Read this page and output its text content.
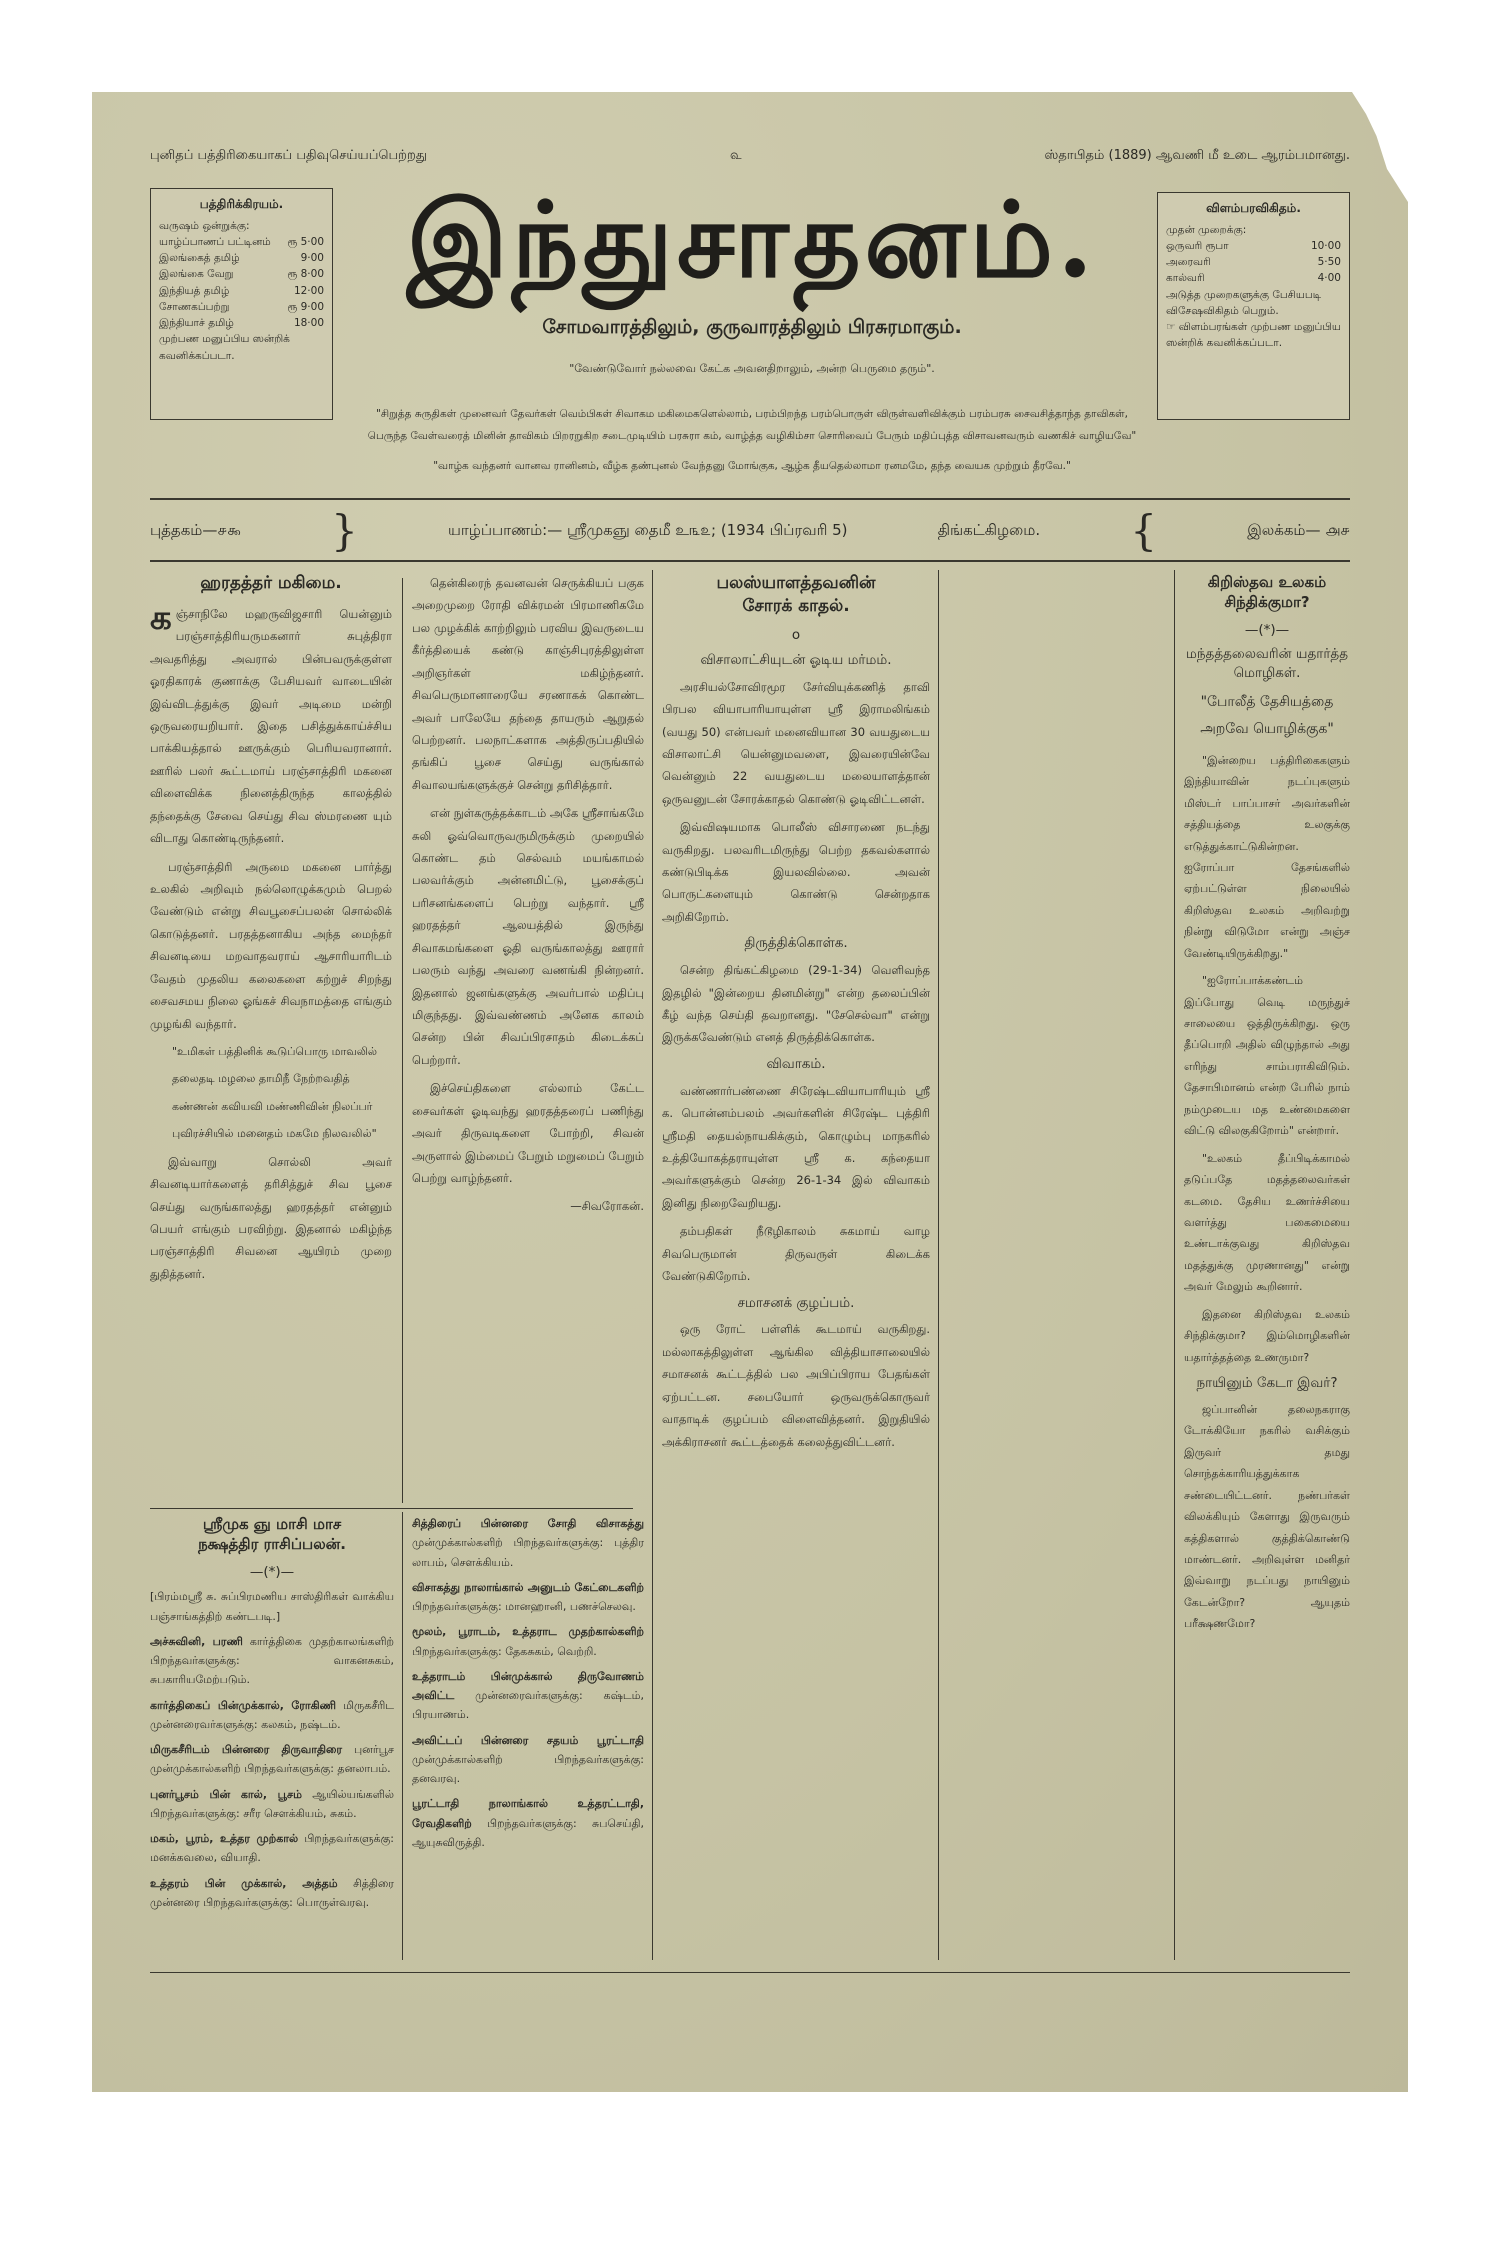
புனிதப் பத்திரிகையாகப் பதிவுசெய்யப்பெற்றது	௳	ஸ்தாபிதம் (1889) ஆவணி மீ உடை ஆரம்பமானது.
பத்திரிக்கிரயம்.
வருஷம் ஒன்றுக்கு:
யாழ்ப்பாணப் பட்டினம் ரூ 5·00
இலங்கைத் தமிழ்	9·00
இலங்கை வேறு	ரூ 8·00
இந்தியத் தமிழ்	12·00
சோணகப்பற்று	ரூ 9·00
இந்தியாச் தமிழ்	18·00
முற்பண மனுப்பிய ஸன்றிக் கவனிக்கப்படா.
விளம்பரவிகிதம்.
முதன் முறைக்கு:
ஒருவரி ரூபா	10·00
அரைவரி	5·50
கால்வரி	4·00
அடுத்த முறைகளுக்கு பேசியபடி விசேஷவிகிதம் பெறும்.
☞ விளம்பரங்கள் முற்பண மனுப்பிய ஸன்றிக் கவனிக்கப்படா.
இந்துசாதனம்.
சோமவாரத்திலும், குருவாரத்திலும் பிரசுரமாகும்.
"வேண்டுவோர் நல்லவை கேட்க அவனதிறாலும், அன்ற பெருமை தரும்".
"சிறுத்த சுருதிகள் முனைவர் தேவர்கள் வெம்பிகள் சிவாகம மகிமைகளெல்லாம், பரம்பிறந்த பரம்பொருள் விருள்வளிவிக்கும் பரம்பரசு சைவசித்தாந்த தாவிகள்,
பெருந்த வேள்வரைத் மினின் தாவிகம் பிறரறுகிற சடைமுடியிம் பரசுரா கம், வாழ்த்த வழிகிம்சா சொரிவைப் பேரும் மதிப்புத்த விசாவனவரும் வணகிச் வாழியவே"
"வாழ்க வந்தனர் வானவ ரானினம், வீழ்க தண்புனல் வேந்தனு மோங்குக, ஆழ்க தீயதெல்லாமா ரனமமே, தந்த வையக முற்றும் தீரவே."
புத்தகம்—௪௯ }	யாழ்ப்பாணம்:— ஸ்ரீமுகஞு தைமீ உ௩௨; (1934 பிப்ரவரி 5)	திங்கட்கிழமை. {	இலக்கம்— ௮௪
ஹரதத்தர் மகிமை.

கஞ்சாநிலே மஹருவிஜசாரி யென்னும் பரஞ்சாத்திரியருமகனார் சுபுத்திரா அவதரித்து அவரால் பின்பவருக்குள்ள ஓரதிகாரக் குணாக்கு பேசியவர் வாடையின் இவ்விடத்துக்கு இவர் அடிமை மன்றி ஒருவரையறியார். இதை பசித்துக்காய்ச்சிய பாக்கியத்தால் ஊருக்கும் பெரியவரானார். ஊரில் பலர் கூட்டமாய் பரஞ்சாத்திரி மகனை விளைவிக்க நினைத்திருந்த காலத்தில் தந்தைக்கு சேவை செய்து சிவ ஸ்மரணை யும் விடாது கொண்டிருந்தனர்.

பரஞ்சாத்திரி அருமை மகனை பார்த்து உலகில் அறிவும் நல்லொழுக்கமும் பெறல் வேண்டும் என்று சிவபூசைப்பலன் சொல்லிக் கொடுத்தனர். பரதத்தனாகிய அந்த மைந்தர் சிவனடியை மறவாதவராய் ஆசாரியாரிடம் வேதம் முதலிய கலைகளை கற்றுச் சிறந்து சைவசமய நிலை ஓங்கச் சிவநாமத்தை எங்கும் முழங்கி வந்தார்.

"உமிகள் பத்தினிக் கூடுப்பொரு மாவலில்

தலைதடி மழலை தாமிநீ நேற்றவதித்

கண்ணன் கவியவி மண்ணிவின் நிலப்பர்

புவிரச்சியில் மனைதம் மகமே நிலவலில்"

இவ்வாறு சொல்லி அவர் சிவனடியார்களைத் தரிசித்துச் சிவ பூசை செய்து வருங்காலத்து ஹரதத்தர் என்னும் பெயர் எங்கும் பரவிற்று. இதனால் மகிழ்ந்த பரஞ்சாத்திரி சிவனை ஆயிரம் முறை துதித்தனர்.

தென்கிரைந் தவனவன் செருக்கியப் பகுக அறைமுறை ரோதி விக்ரமன் பிரமாணிகமே பல முழக்கிக் காற்றிலும் பரவிய இவருடைய கீர்த்தியைக் கண்டு காஞ்சிபுரத்திலுள்ள அறிஞர்கள் மகிழ்ந்தனர். சிவபெருமானாரையே சரணாகக் கொண்ட அவர் பாலேயே தந்தை தாயரும் ஆறுதல் பெற்றனர். பலநாட்களாக அத்திருப்பதியில் தங்கிப் பூசை செய்து வருங்கால் சிவாலயங்களுக்குச் சென்று தரிசித்தார்.

என் நுள்கருத்தக்காடம் அகே ஸ்ரீசாங்கமே சுலி ஓவ்வொருவருமிருக்கும் முறையில் கொண்ட தம் செல்வம் மயங்காமல் பலவர்க்கும் அன்னமிட்டு, பூசைக்குப் பரிசனங்களைப் பெற்று வந்தார். ஸ்ரீ ஹரதத்தர் ஆலயத்தில் இருந்து சிவாகமங்களை ஓதி வருங்காலத்து ஊரார் பலரும் வந்து அவரை வணங்கி நின்றனர். இதனால் ஜனங்களுக்கு அவர்பால் மதிப்பு மிகுந்தது. இவ்வண்ணம் அனேக காலம் சென்ற பின் சிவப்பிரசாதம் கிடைக்கப் பெற்றார்.

இச்செய்திகளை எல்லாம் கேட்ட சைவர்கள் ஓடிவந்து ஹரதத்தரைப் பணிந்து அவர் திருவடிகளை போற்றி, சிவன் அருளால் இம்மைப் பேறும் மறுமைப் பேறும் பெற்று வாழ்ந்தனர்.

—சிவரோகன்.

பலஸ்யாளத்தவனின்
சோரக் காதல்.
o
விசாலாட்சியுடன் ஓடிய மர்மம்.

அரசியல்சோவிரமூர சேர்வியுக்கணித் தாவி பிரபல வியாபாரியாயுள்ள ஸ்ரீ இராமலிங்கம் (வயது 50) என்பவர் மனைவியான 30 வயதுடைய விசாலாட்சி யென்னுமவளை, இவரையின்வே வென்னும் 22 வயதுடைய மலையாளத்தான் ஒருவனுடன் சோரக்காதல் கொண்டு ஓடிவிட்டனள்.

இவ்விஷயமாக பொலீஸ் விசாரணை நடந்து வருகிறது. பலவரிடமிருந்து பெற்ற தகவல்களால் கண்டுபிடிக்க இயலவில்லை. அவன் பொருட்களையும் கொண்டு சென்றதாக அறிகிறோம்.

திருத்திக்கொள்க.

சென்ற திங்கட்கிழமை (29-1-34) வெளிவந்த இதழில் "இன்றைய தினமின்று" என்ற தலைப்பின் கீழ் வந்த செய்தி தவறானது. "சேசெல்வா" என்று இருக்கவேண்டும் எனத் திருத்திக்கொள்க.

விவாகம்.

வண்ணார்பண்ணை சிரேஷ்டவியாபாரியும் ஸ்ரீ க. பொன்னம்பலம் அவர்களின் சிரேஷ்ட புத்திரி ஸ்ரீமதி தையல்நாயகிக்கும், கொழும்பு மாநகரில் உத்தியோகத்தராயுள்ள ஸ்ரீ க. கந்தையா அவர்களுக்கும் சென்ற 26-1-34 இல் விவாகம் இனிது நிறைவேறியது.

தம்பதிகள் நீடூழிகாலம் சுகமாய் வாழ சிவபெருமான் திருவருள் கிடைக்க வேண்டுகிறோம்.

சமாசனக் குழப்பம்.

ஒரு ரோட் பள்ளிக் கூடமாய் வருகிறது. மல்லாகத்திலுள்ள ஆங்கில வித்தியாசாலையில் சமாசனக் கூட்டத்தில் பல அபிப்பிராய பேதங்கள் ஏற்பட்டன. சபையோர் ஒருவருக்கொருவர் வாதாடிக் குழப்பம் விளைவித்தனர். இறுதியில் அக்கிராசனர் கூட்டத்தைக் கலைத்துவிட்டனர்.

கிறிஸ்தவ உலகம்
சிந்திக்குமா?
—(*)—
மந்தத்தலைவரின் யதார்த்த மொழிகள்.

"போலீத் தேசியத்தை அறவே யொழிக்குக"

"இன்றைய பத்திரிகைகளும் இந்தியாவின் நடப்புகளும் மிஸ்டர் பாப்பாசர் அவர்களின் சத்தியத்தை உலகுக்கு எடுத்துக்காட்டுகின்றன. ஐரோப்பா தேசங்களில் ஏற்பட்டுள்ள நிலையில் கிறிஸ்தவ உலகம் அறிவற்று நின்று விடுமோ என்று அஞ்ச வேண்டியிருக்கிறது."

"ஐரோப்பாக்கண்டம் இப்போது வெடி மருந்துச் சாலையை ஒத்திருக்கிறது. ஒரு தீப்பொறி அதில் விழுந்தால் அது எரிந்து சாம்பராகிவிடும். தேசாபிமானம் என்ற பேரில் நாம் நம்முடைய மத உண்மைகளை விட்டு விலகுகிறோம்" என்றார்.

"உலகம் தீப்பிடிக்காமல் தடுப்பதே மதத்தலைவர்கள் கடமை. தேசிய உணர்ச்சியை வளர்த்து பகைமையை உண்டாக்குவது கிறிஸ்தவ மதத்துக்கு முரணானது" என்று அவர் மேலும் கூறினார்.

இதனை கிறிஸ்தவ உலகம் சிந்திக்குமா? இம்மொழிகளின் யதார்த்தத்தை உணருமா?

நாயினும் கேடா இவர்?

ஜப்பானின் தலைநகராகு டோக்கியோ நகரில் வசிக்கும் இருவர் தமது சொந்தக்காரியத்துக்காக சண்டையிட்டனர். நண்பர்கள் விலக்கியும் கேளாது இருவரும் கத்திகளால் குத்திக்கொண்டு மாண்டனர். அறிவுள்ள மனிதர் இவ்வாறு நடப்பது நாயினும் கேடன்றோ? ஆயுதம் பரீக்ஷணமோ?

ஸ்ரீமுக ஞு மாசி மாச
நக்ஷத்திர ராசிப்பலன்.
—(*)—

[பிரம்மஸ்ரீ சு. சுப்பிரமணிய சாஸ்திரிகள் வாக்கிய பஞ்சாங்கத்திற் கண்டபடி.]

அச்சுவினி, பரணி கார்த்திகை முதற்காலங்களிற் பிறந்தவர்களுக்கு: வாகனசுகம், சுபகாரியமேற்படும்.

கார்த்திகைப் பின்முக்கால், ரோகிணி மிருகசீரிட முன்னரைவர்களுக்கு: கலகம், நஷ்டம்.

மிருகசீரிடம் பின்னரை திருவாதிரை புனர்பூச முன்முக்கால்களிற் பிறந்தவர்களுக்கு: தனலாபம்.

புனர்பூசம் பின் கால், பூசம் ஆயில்யங்களில் பிறந்தவர்களுக்கு: சரீர சௌக்கியம், சுகம்.

மகம், பூரம், உத்தர முற்கால் பிறந்தவர்களுக்கு: மனக்கவலை, வியாதி.

உத்தரம் பின் முக்கால், அத்தம் சித்திரை முன்னரை பிறந்தவர்களுக்கு: பொருள்வரவு.

சித்திரைப் பின்னரை சோதி விசாகத்து முன்முக்கால்களிற் பிறந்தவர்களுக்கு: புத்திர லாபம், சௌக்கியம்.

விசாகத்து நாலாங்கால் அனுடம் கேட்டைகளிற் பிறந்தவர்களுக்கு: மானஹானி, பணச்செலவு.

மூலம், பூராடம், உத்தராட முதற்கால்களிற் பிறந்தவர்களுக்கு: தேகசுகம், வெற்றி.

உத்தராடம் பின்முக்கால் திருவோணம் அவிட்ட முன்னரைவர்களுக்கு: கஷ்டம், பிரயாணம்.

அவிட்டப் பின்னரை சதயம் பூரட்டாதி முன்முக்கால்களிற் பிறந்தவர்களுக்கு: தனவரவு.

பூரட்டாதி நாலாங்கால் உத்தரட்டாதி, ரேவதிகளிற் பிறந்தவர்களுக்கு: சுபசெய்தி, ஆயுசுவிருத்தி.
